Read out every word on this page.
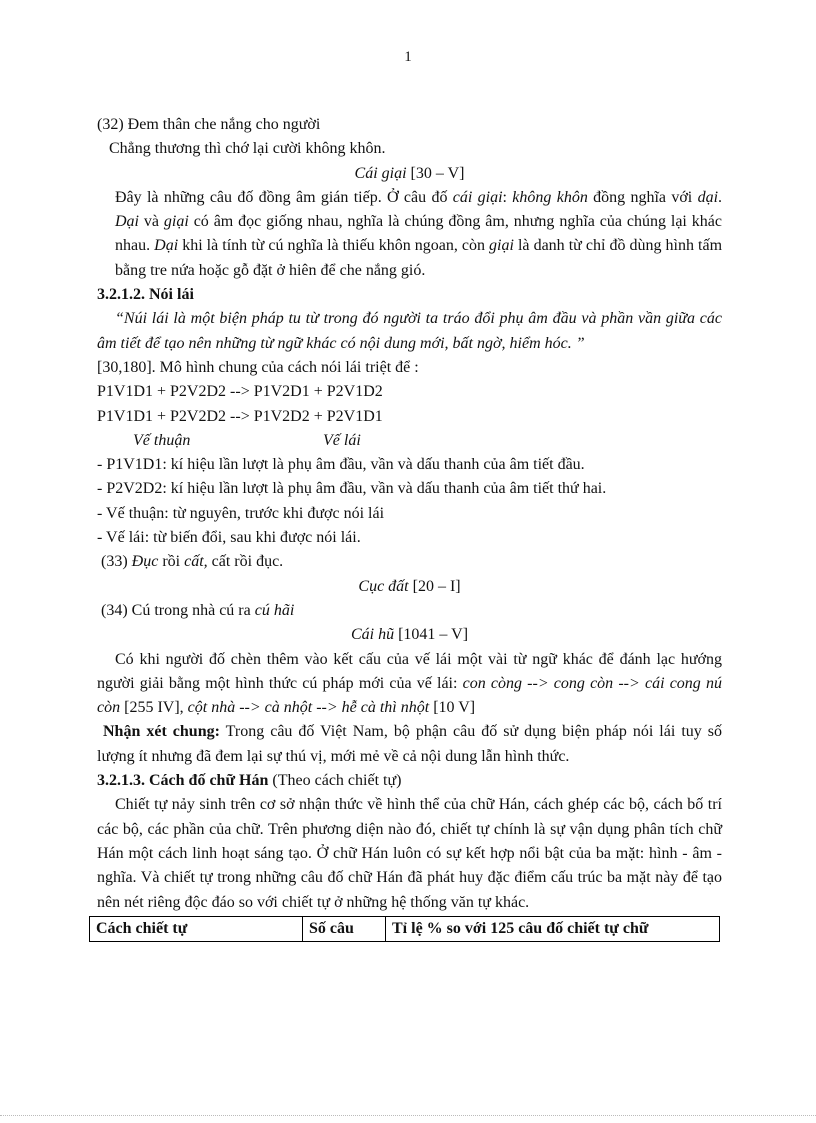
1

(32) Đem thân che nắng cho người

Chẳng thương thì chớ lại cười không khôn.

Cái giại [30 – V]

Đây là những câu đố đồng âm gián tiếp. Ở câu đố cái giại: không khôn đồng nghĩa với dại. Dại và giại có âm đọc giống nhau, nghĩa là chúng đồng âm, nhưng nghĩa của chúng lại khác nhau. Dại khi là tính từ cú nghĩa là thiếu khôn ngoan, còn giại là danh từ chỉ đồ dùng hình tấm bằng tre nứa hoặc gỗ đặt ở hiên để che nắng gió.

3.2.1.2. Nói lái

“Núi lái là một biện pháp tu từ trong đó người ta tráo đổi phụ âm đầu và phần vần giữa các âm tiết để tạo nên những từ ngữ khác có nội dung mới, bất ngờ, hiểm hóc. ”

[30,180]. Mô hình chung của cách nói lái triệt để :

P1V1D1 + P2V2D2 --> P1V2D1 + P2V1D2

P1V1D1 + P2V2D2 --> P1V2D2 + P2V1D1

Vế thuận	Vế lái

- P1V1D1: kí hiệu lần lượt là phụ âm đầu, vần và dấu thanh của âm tiết đầu.

- P2V2D2: kí hiệu lần lượt là phụ âm đầu, vần và dấu thanh của âm tiết thứ hai.

- Vế thuận: từ nguyên, trước khi được nói lái

- Vế lái: từ biến đổi, sau khi được nói lái.

(33) Đục rồi cất, cất rồi đục.

Cục đất [20 – I]

(34) Cú trong nhà cú ra cú hãi

Cái hũ [1041 – V]

Có khi người đố chèn thêm vào kết cấu của vế lái một vài từ ngữ khác để đánh lạc hướng người giải bằng một hình thức cú pháp mới của vế lái: con còng --> cong còn --> cái cong nú còn [255 IV], cột nhà --> cà nhột --> hễ cà thì nhột [10 V]

Nhận xét chung: Trong câu đố Việt Nam, bộ phận câu đố sử dụng biện pháp nói lái tuy số lượng ít nhưng đã đem lại sự thú vị, mới mẻ về cả nội dung lẫn hình thức.

3.2.1.3. Cách đố chữ Hán (Theo cách chiết tự)

Chiết tự nảy sinh trên cơ sở nhận thức về hình thể của chữ Hán, cách ghép các bộ, cách bố trí các bộ, các phần của chữ. Trên phương diện nào đó, chiết tự chính là sự vận dụng phân tích chữ Hán một cách linh hoạt sáng tạo. Ở chữ Hán luôn có sự kết hợp nổi bật của ba mặt: hình - âm - nghĩa. Và chiết tự trong những câu đố chữ Hán đã phát huy đặc điểm cấu trúc ba mặt này để tạo nên nét riêng độc đáo so với chiết tự ở những hệ thống văn tự khác.

Cách chiết tự	Số câu	Tỉ lệ % so với 125 câu đố chiết tự chữ
